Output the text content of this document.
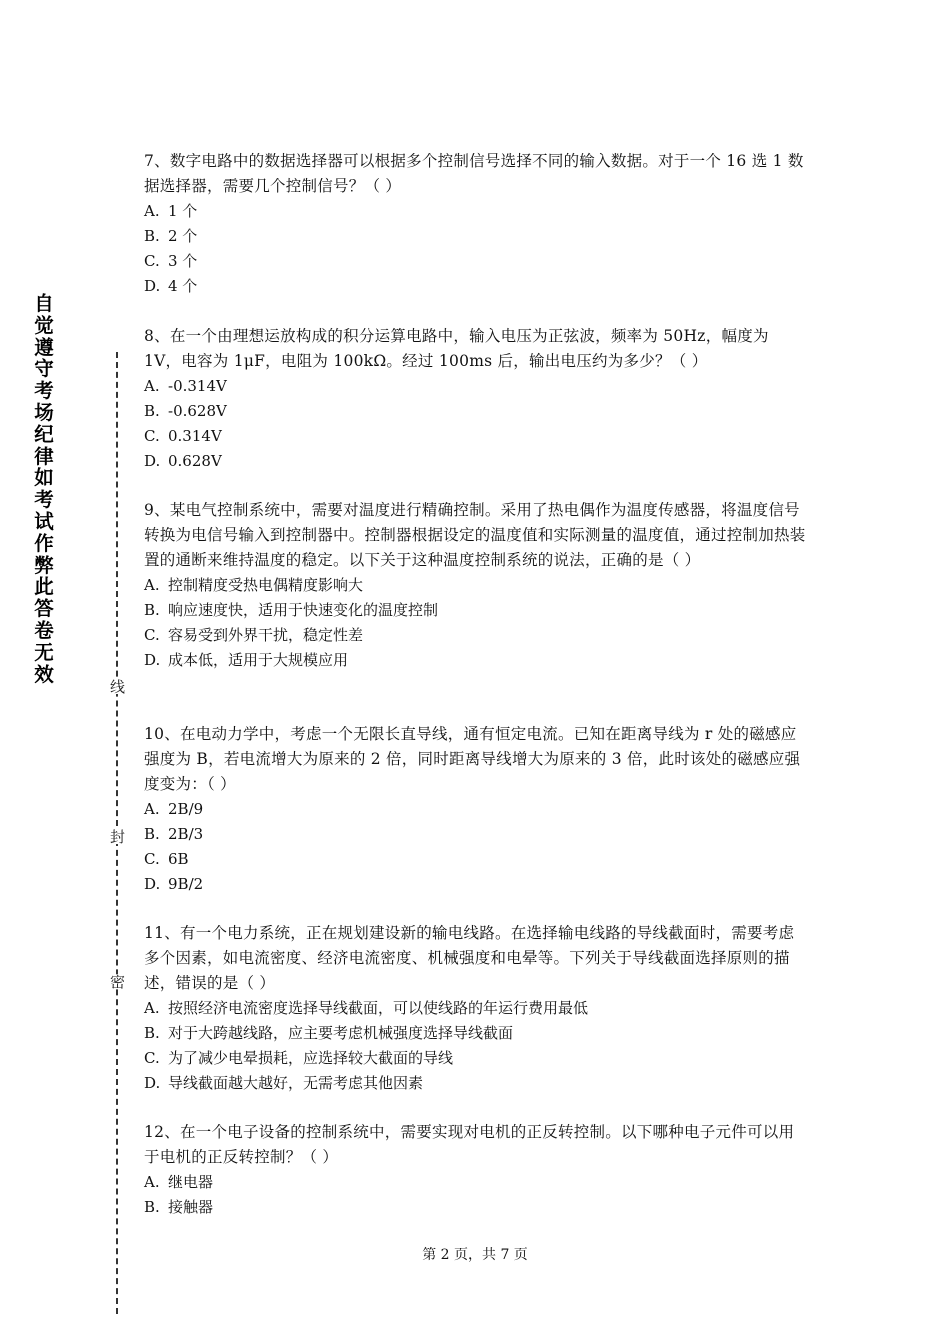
自觉遵守考场纪律如考试作弊此答卷无效
线
封
密

7、数字电路中的数据选择器可以根据多个控制信号选择不同的输入数据。对于一个 16 选 1 数据选择器，需要几个控制信号？（ ）

A. 1 个
B. 2 个
C. 3 个
D. 4 个

8、在一个由理想运放构成的积分运算电路中，输入电压为正弦波，频率为 50Hz，幅度为 1V，电容为 1μF，电阻为 100kΩ。经过 100ms 后，输出电压约为多少？（ ）

A. -0.314V
B. -0.628V
C. 0.314V
D. 0.628V

9、某电气控制系统中，需要对温度进行精确控制。采用了热电偶作为温度传感器，将温度信号转换为电信号输入到控制器中。控制器根据设定的温度值和实际测量的温度值，通过控制加热装置的通断来维持温度的稳定。以下关于这种温度控制系统的说法，正确的是（ ）

A. 控制精度受热电偶精度影响大
B. 响应速度快，适用于快速变化的温度控制
C. 容易受到外界干扰，稳定性差
D. 成本低，适用于大规模应用

10、在电动力学中，考虑一个无限长直导线，通有恒定电流。已知在距离导线为 r 处的磁感应强度为 B，若电流增大为原来的 2 倍，同时距离导线增大为原来的 3 倍，此时该处的磁感应强度变为：（ ）

A. 2B/9
B. 2B/3
C. 6B
D. 9B/2

11、有一个电力系统，正在规划建设新的输电线路。在选择输电线路的导线截面时，需要考虑多个因素，如电流密度、经济电流密度、机械强度和电晕等。下列关于导线截面选择原则的描述，错误的是（ ）

A. 按照经济电流密度选择导线截面，可以使线路的年运行费用最低
B. 对于大跨越线路，应主要考虑机械强度选择导线截面
C. 为了减少电晕损耗，应选择较大截面的导线
D. 导线截面越大越好，无需考虑其他因素

12、在一个电子设备的控制系统中，需要实现对电机的正反转控制。以下哪种电子元件可以用于电机的正反转控制？（ ）

A. 继电器
B. 接触器
第 2 页，共 7 页
